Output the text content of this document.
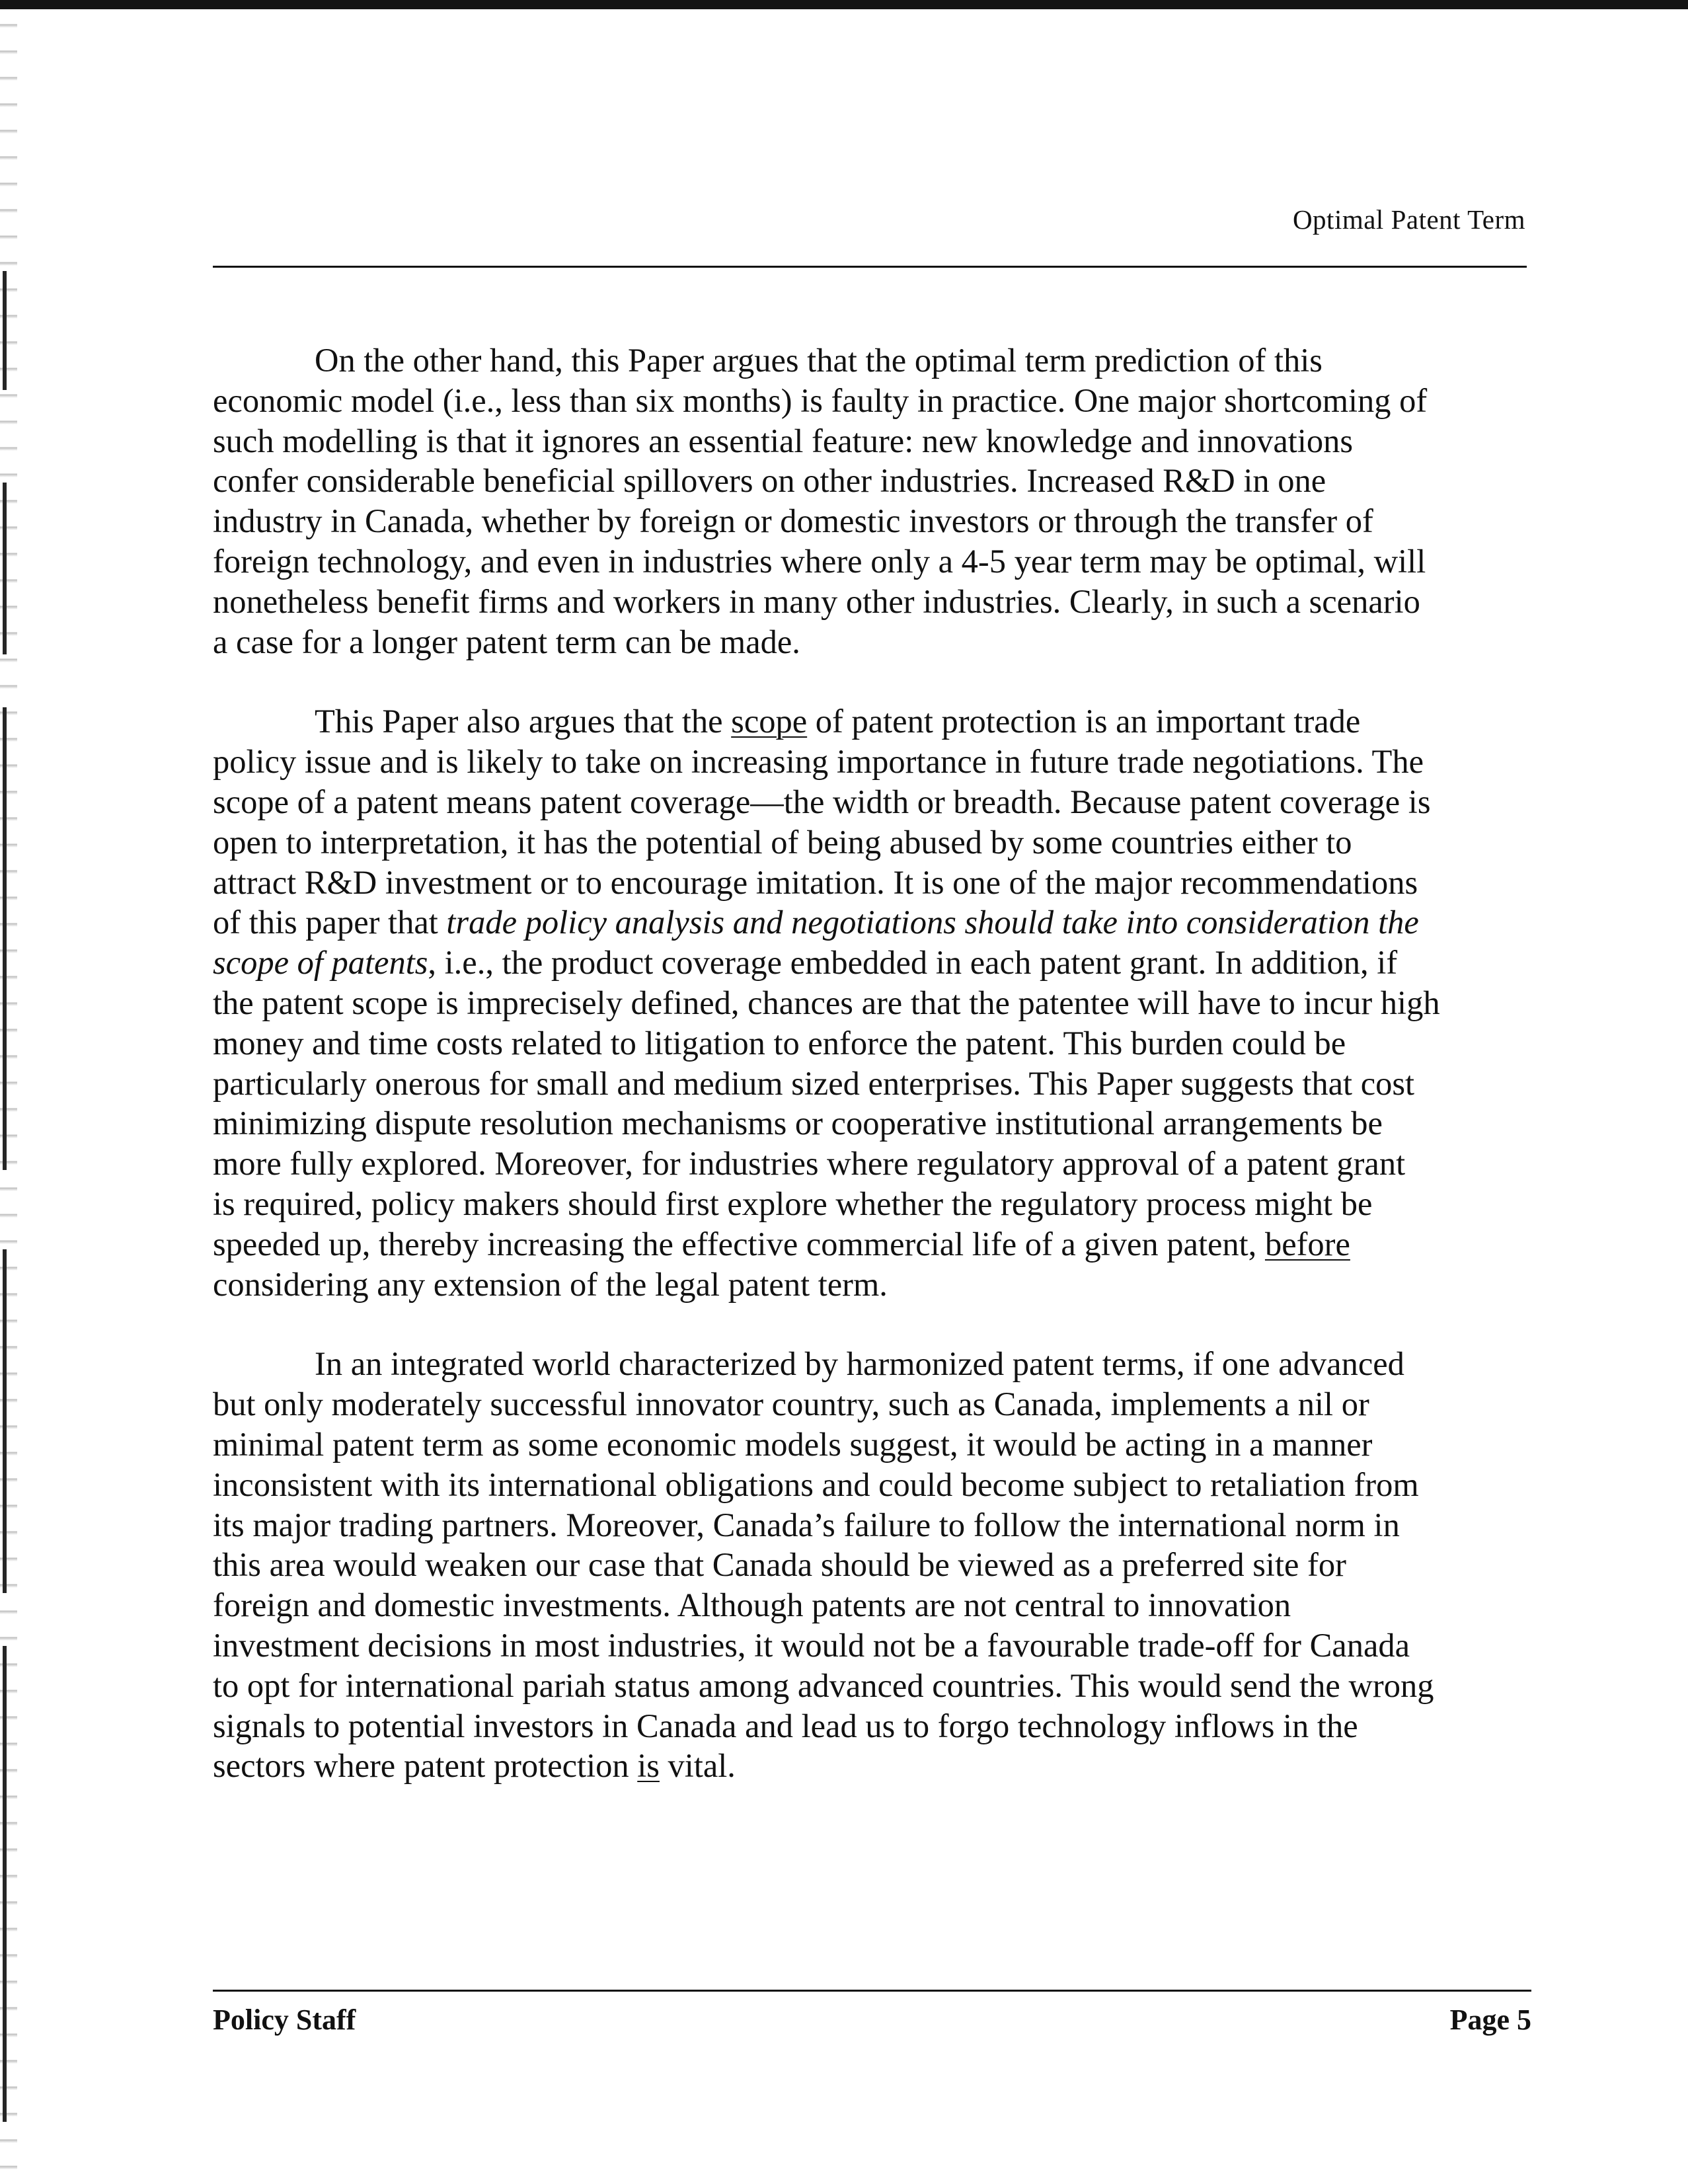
Optimal Patent Term
On the other hand, this Paper argues that the optimal term prediction of this
economic model (i.e., less than six months) is faulty in practice. One major shortcoming of
such modelling is that it ignores an essential feature: new knowledge and innovations
confer considerable beneficial spillovers on other industries. Increased R&D in one
industry in Canada, whether by foreign or domestic investors or through the transfer of
foreign technology, and even in industries where only a 4-5 year term may be optimal, will
nonetheless benefit firms and workers in many other industries. Clearly, in such a scenario
a case for a longer patent term can be made.
This Paper also argues that the scope of patent protection is an important trade
policy issue and is likely to take on increasing importance in future trade negotiations. The
scope of a patent means patent coverage—the width or breadth. Because patent coverage is
open to interpretation, it has the potential of being abused by some countries either to
attract R&D investment or to encourage imitation. It is one of the major recommendations
of this paper that trade policy analysis and negotiations should take into consideration the
scope of patents, i.e., the product coverage embedded in each patent grant. In addition, if
the patent scope is imprecisely defined, chances are that the patentee will have to incur high
money and time costs related to litigation to enforce the patent. This burden could be
particularly onerous for small and medium sized enterprises. This Paper suggests that cost
minimizing dispute resolution mechanisms or cooperative institutional arrangements be
more fully explored. Moreover, for industries where regulatory approval of a patent grant
is required, policy makers should first explore whether the regulatory process might be
speeded up, thereby increasing the effective commercial life of a given patent, before
considering any extension of the legal patent term.
In an integrated world characterized by harmonized patent terms, if one advanced
but only moderately successful innovator country, such as Canada, implements a nil or
minimal patent term as some economic models suggest, it would be acting in a manner
inconsistent with its international obligations and could become subject to retaliation from
its major trading partners. Moreover, Canada’s failure to follow the international norm in
this area would weaken our case that Canada should be viewed as a preferred site for
foreign and domestic investments. Although patents are not central to innovation
investment decisions in most industries, it would not be a favourable trade-off for Canada
to opt for international pariah status among advanced countries. This would send the wrong
signals to potential investors in Canada and lead us to forgo technology inflows in the
sectors where patent protection is vital.
Policy Staff	Page 5
